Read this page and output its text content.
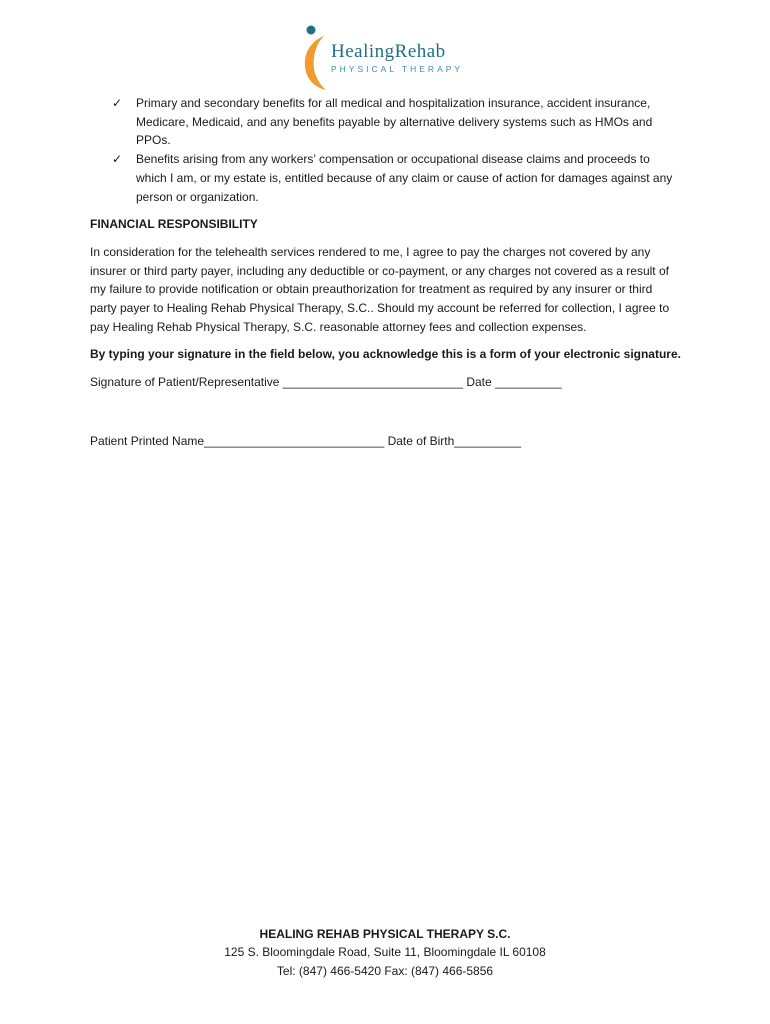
HealingRehab
PHYSICAL THERAPY
✓ Primary and secondary benefits for all medical and hospitalization insurance, accident insurance, Medicare, Medicaid, and any benefits payable by alternative delivery systems such as HMOs and PPOs.
✓ Benefits arising from any workers’ compensation or occupational disease claims and proceeds to which I am, or my estate is, entitled because of any claim or cause of action for damages against any person or organization.
FINANCIAL RESPONSIBILITY
In consideration for the telehealth services rendered to me, I agree to pay the charges not covered by any insurer or third party payer, including any deductible or co-payment, or any charges not covered as a result of my failure to provide notification or obtain preauthorization for treatment as required by any insurer or third party payer to Healing Rehab Physical Therapy, S.C.. Should my account be referred for collection, I agree to pay Healing Rehab Physical Therapy, S.C. reasonable attorney fees and collection expenses.
By typing your signature in the field below, you acknowledge this is a form of your electronic signature.
Signature of Patient/Representative ___________________________ Date __________
Patient Printed Name___________________________ Date of Birth__________
HEALING REHAB PHYSICAL THERAPY S.C.
125 S. Bloomingdale Road, Suite 11, Bloomingdale IL 60108
Tel: (847) 466-5420 Fax: (847) 466-5856
